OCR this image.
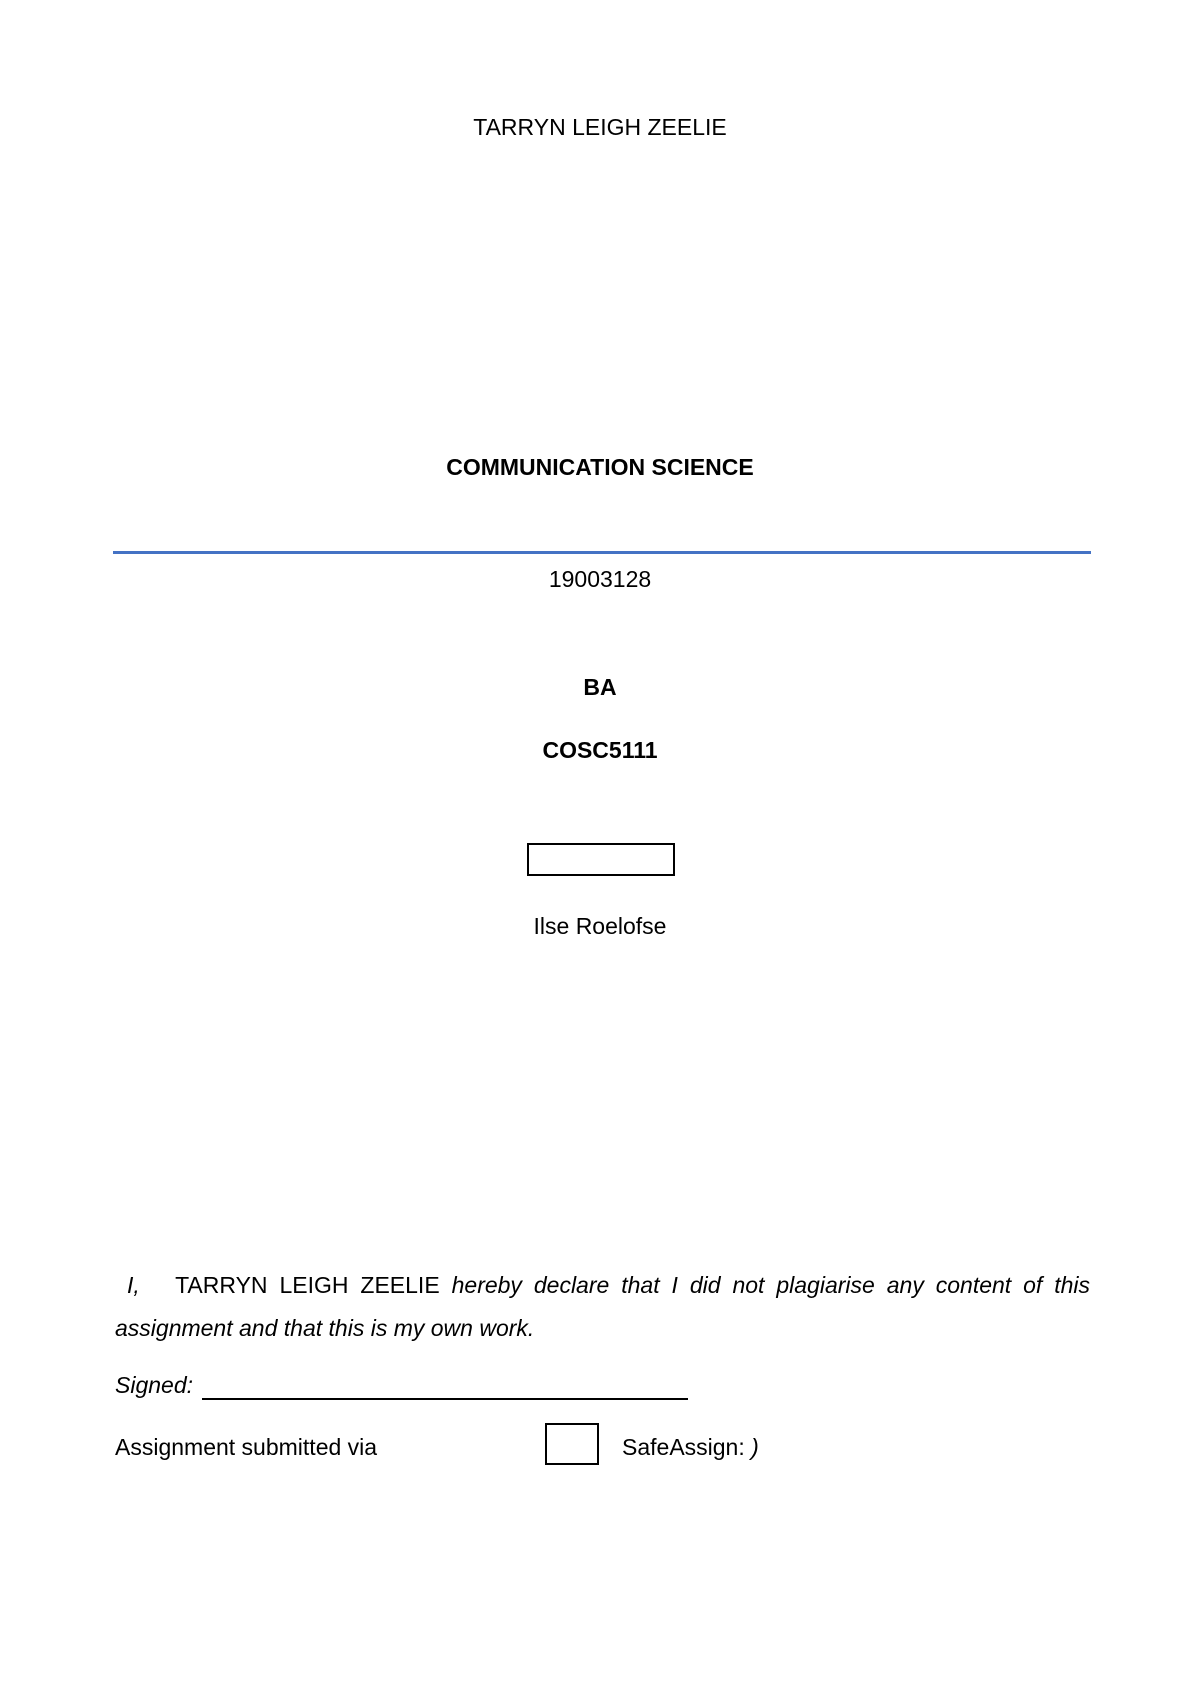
TARRYN LEIGH ZEELIE
COMMUNICATION SCIENCE
19003128
BA
COSC5111
Ilse Roelofse
I, TARRYN LEIGH ZEELIE hereby declare that I did not plagiarise any content of this assignment and that this is my own work.
Signed:
Assignment submitted via	SafeAssign: )
